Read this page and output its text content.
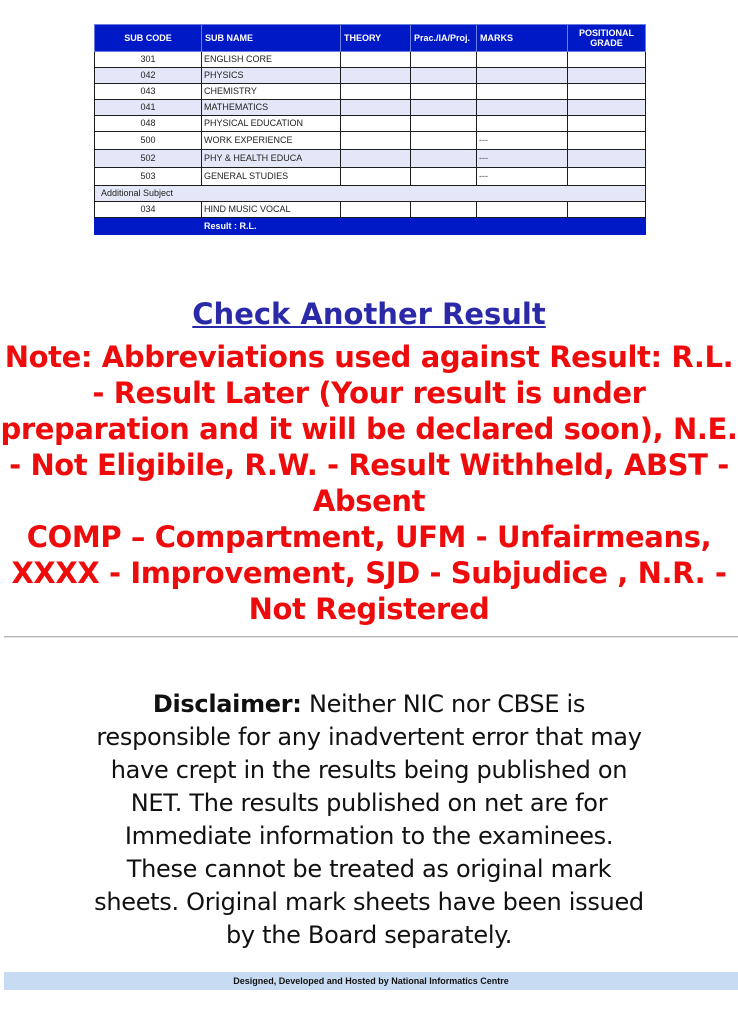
SUB CODE	SUB NAME	THEORY	Prac./IA/Proj.	MARKS	POSITIONAL
GRADE

301	ENGLISH CORE				
042	PHYSICS				
043	CHEMISTRY				
041	MATHEMATICS				
048	PHYSICAL EDUCATION				
500	WORK EXPERIENCE			---	
502	PHY & HEALTH EDUCA			---	
503	GENERAL STUDIES			---	
Additional Subject					
034	HIND MUSIC VOCAL				
	Result : R.L.				
Check Another Result
Note: Abbreviations used against Result: R.L. - Result Later (Your result is under preparation and it will be declared soon), N.E. - Not Eligibile, R.W. - Result Withheld, ABST - Absent
COMP – Compartment, UFM - Unfairmeans, XXXX - Improvement, SJD - Subjudice , N.R. - Not Registered
Disclaimer: Neither NIC nor CBSE is responsible for any inadvertent error that may have crept in the results being published on NET. The results published on net are for Immediate information to the examinees. These cannot be treated as original mark sheets. Original mark sheets have been issued by the Board separately.
Designed, Developed and Hosted by National Informatics Centre
